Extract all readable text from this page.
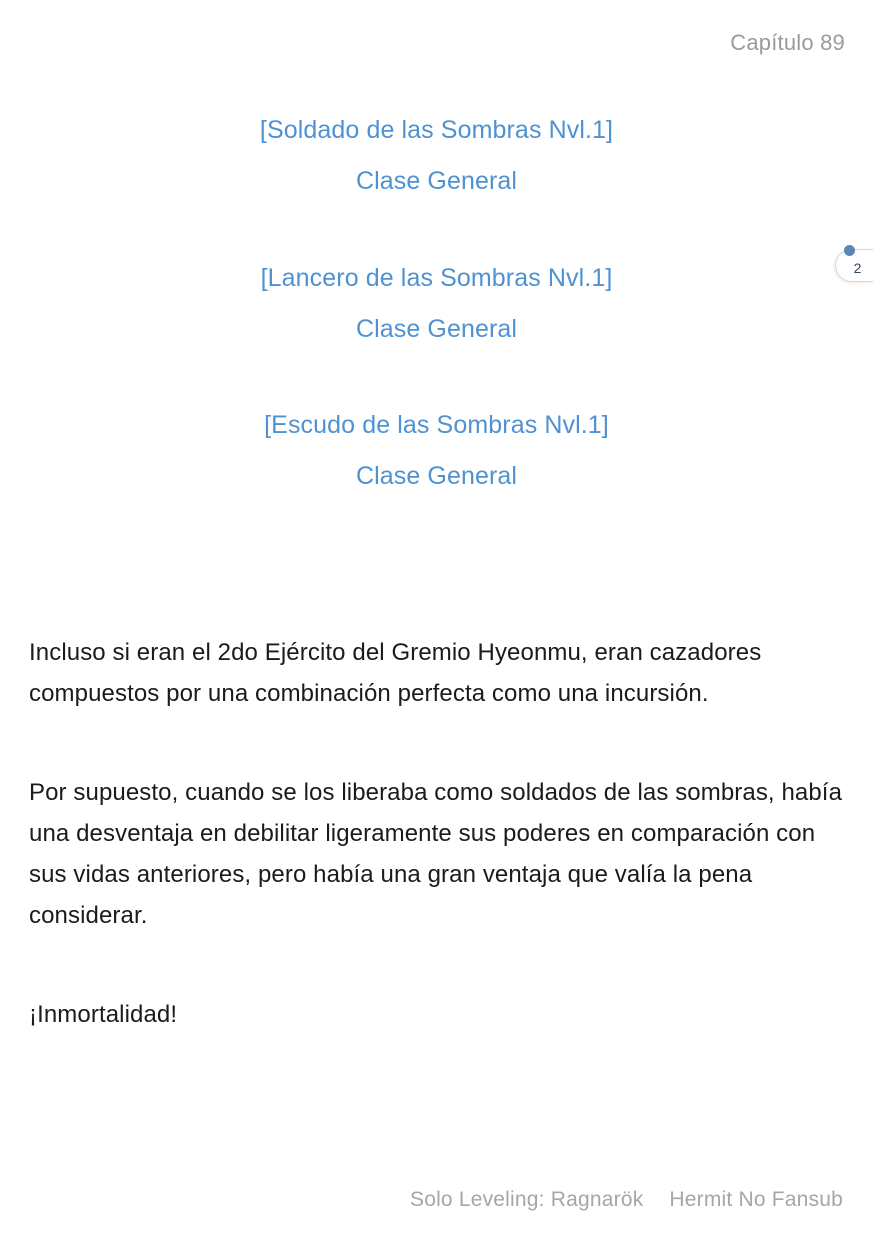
Capítulo 89
2
[Soldado de las Sombras Nvl.1]
Clase General
[Lancero de las Sombras Nvl.1]
Clase General
[Escudo de las Sombras Nvl.1]
Clase General

Incluso si eran el 2do Ejército del Gremio Hyeonmu, eran cazadores compuestos por una combinación perfecta como una incursión.

Por supuesto, cuando se los liberaba como soldados de las sombras, había una desventaja en debilitar ligeramente sus poderes en comparación con sus vidas anteriores, pero había una gran ventaja que valía la pena considerar.

¡Inmortalidad!

Solo Leveling: Ragnarök Hermit No Fansub
